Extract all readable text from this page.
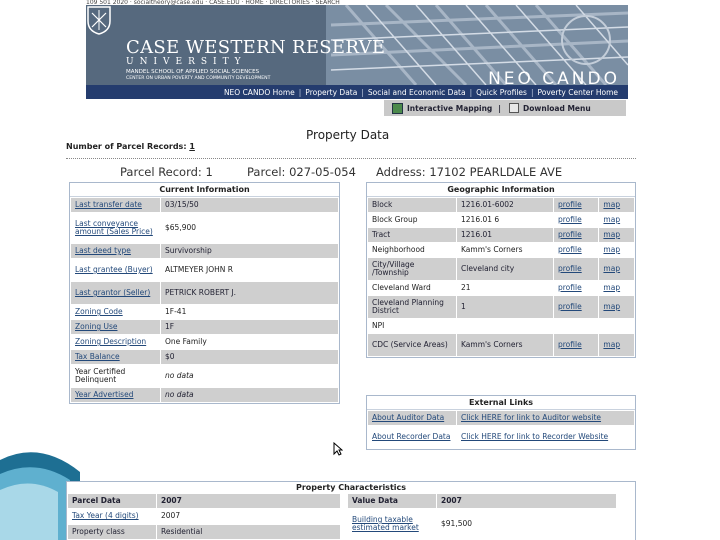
109 501 2020 · socialtheory@case.edu · CASE.EDU · HOME · DIRECTORIES · SEARCH
CASE WESTERN RESERVE
UNIVERSITY
MANDEL SCHOOL OF APPLIED SOCIAL SCIENCES
CENTER ON URBAN POVERTY AND COMMUNITY DEVELOPMENT	NEO CANDO
NEO CANDO Home | Property Data | Social and Economic Data | Quick Profiles | Poverty Center Home
Interactive Mapping |	Download Menu
Property Data
Number of Parcel Records: 1
Parcel Record: 1	Parcel: 027-05-054 Address: 17102 PEARLDALE AVE
Current Information
Last transfer date	03/15/50
Last conveyance amount (Sales Price)	$65,900
Last deed type	Survivorship
Last grantee (Buyer)	ALTMEYER JOHN R
Last grantor (Seller)	PETRICK ROBERT J.
Zoning Code	1F-41
Zoning Use	1F
Zoning Description	One Family
Tax Balance	$0
Year Certified Delinquent	no data
Year Advertised	no data
Geographic Information
Block	1216.01-6002	profile	map
Block Group	1216.01 6	profile	map
Tract	1216.01	profile	map
Neighborhood	Kamm's Corners	profile	map
City/Village /Township	Cleveland city	profile	map
Cleveland Ward	21	profile	map
Cleveland Planning District	1	profile	map
NPI			
CDC (Service Areas)	Kamm's Corners	profile	map
External Links
About Auditor Data	Click HERE for link to Auditor website
About Recorder Data	Click HERE for link to Recorder Website
Property Characteristics
Parcel Data	2007
Tax Year (4 digits)	2007
Property class	Residential
Value Data	2007
Building taxable estimated market	$91,500
